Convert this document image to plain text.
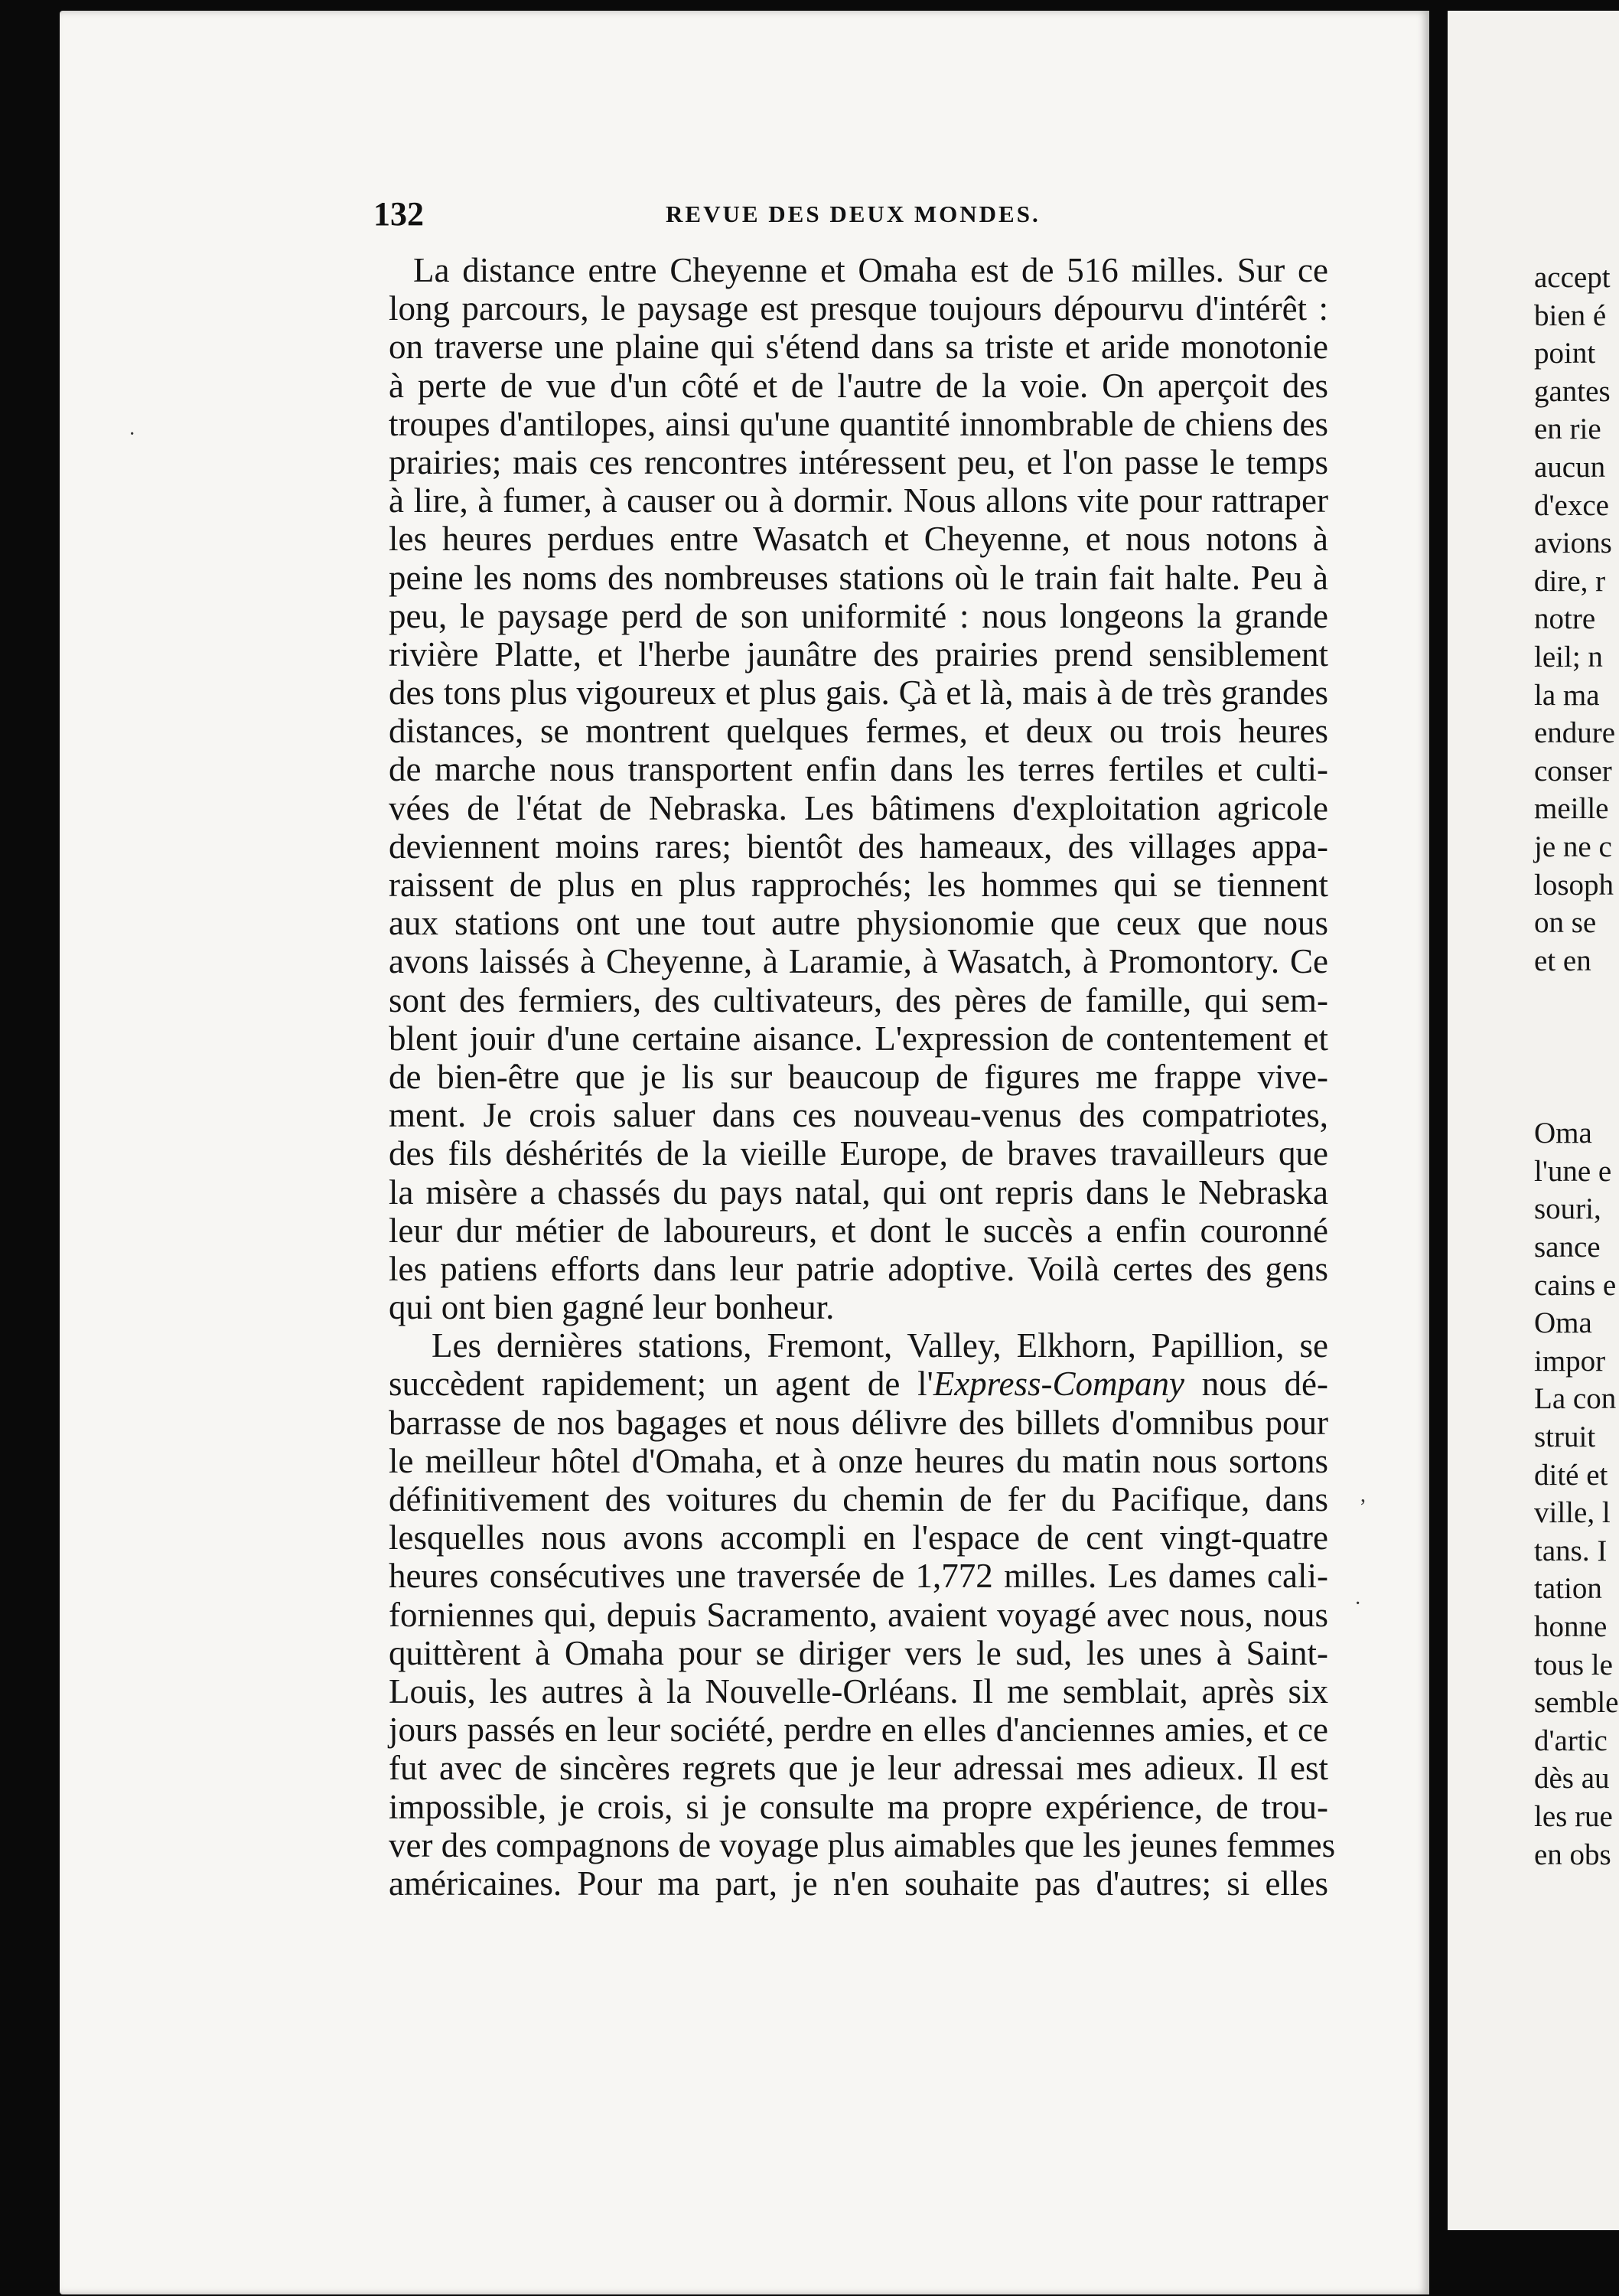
132	REVUE DES DEUX MONDES.
La distance entre Cheyenne et Omaha est de 516 milles. Sur ce
long parcours, le paysage est presque toujours dépourvu d'intérêt :
on traverse une plaine qui s'étend dans sa triste et aride monotonie
à perte de vue d'un côté et de l'autre de la voie. On aperçoit des
troupes d'antilopes, ainsi qu'une quantité innombrable de chiens des
prairies; mais ces rencontres intéressent peu, et l'on passe le temps
à lire, à fumer, à causer ou à dormir. Nous allons vite pour rattraper
les heures perdues entre Wasatch et Cheyenne, et nous notons à
peine les noms des nombreuses stations où le train fait halte. Peu à
peu, le paysage perd de son uniformité : nous longeons la grande
rivière Platte, et l'herbe jaunâtre des prairies prend sensiblement
des tons plus vigoureux et plus gais. Çà et là, mais à de très grandes
distances, se montrent quelques fermes, et deux ou trois heures
de marche nous transportent enfin dans les terres fertiles et culti-
vées de l'état de Nebraska. Les bâtimens d'exploitation agricole
deviennent moins rares; bientôt des hameaux, des villages appa-
raissent de plus en plus rapprochés; les hommes qui se tiennent
aux stations ont une tout autre physionomie que ceux que nous
avons laissés à Cheyenne, à Laramie, à Wasatch, à Promontory. Ce
sont des fermiers, des cultivateurs, des pères de famille, qui sem-
blent jouir d'une certaine aisance. L'expression de contentement et
de bien-être que je lis sur beaucoup de figures me frappe vive-
ment. Je crois saluer dans ces nouveau-venus des compatriotes,
des fils déshérités de la vieille Europe, de braves travailleurs que
la misère a chassés du pays natal, qui ont repris dans le Nebraska
leur dur métier de laboureurs, et dont le succès a enfin couronné
les patiens efforts dans leur patrie adoptive. Voilà certes des gens
qui ont bien gagné leur bonheur.
Les dernières stations, Fremont, Valley, Elkhorn, Papillion, se
succèdent rapidement; un agent de l'Express-Company nous dé-
barrasse de nos bagages et nous délivre des billets d'omnibus pour
le meilleur hôtel d'Omaha, et à onze heures du matin nous sortons
définitivement des voitures du chemin de fer du Pacifique, dans
lesquelles nous avons accompli en l'espace de cent vingt-quatre
heures consécutives une traversée de 1,772 milles. Les dames cali-
forniennes qui, depuis Sacramento, avaient voyagé avec nous, nous
quittèrent à Omaha pour se diriger vers le sud, les unes à Saint-
Louis, les autres à la Nouvelle-Orléans. Il me semblait, après six
jours passés en leur société, perdre en elles d'anciennes amies, et ce
fut avec de sincères regrets que je leur adressai mes adieux. Il est
impossible, je crois, si je consulte ma propre expérience, de trou-
ver des compagnons de voyage plus aimables que les jeunes femmes
américaines. Pour ma part, je n'en souhaite pas d'autres; si elles
accept
bien é
point
gantes
en rie
aucun
d'exce
avions
dire, r
notre
leil; n
la ma
endure
conser
meille
je ne c
losoph
on se
et en
Oma
l'une e
souri,
sance
cains e
Oma
impor
La con
struit
dité et
ville, l
tans. I
tation
honne
tous le
semble
d'artic
dès au
les rue
en obs
·
,
·
